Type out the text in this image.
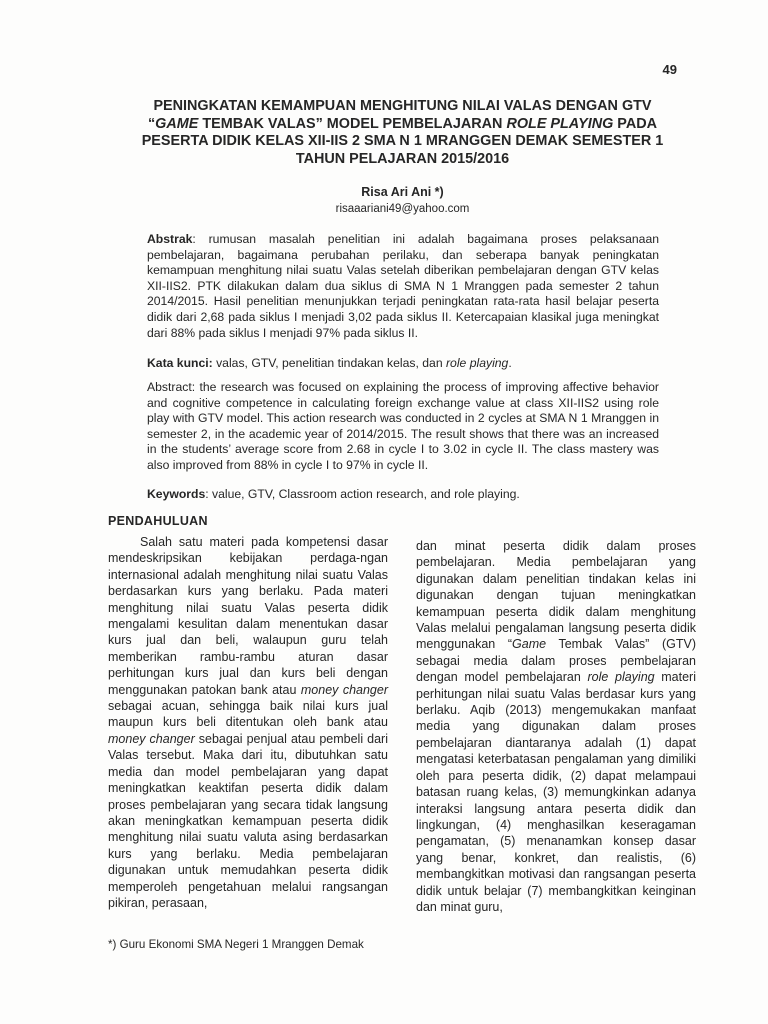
49
PENINGKATAN KEMAMPUAN MENGHITUNG NILAI VALAS DENGAN GTV “GAME TEMBAK VALAS” MODEL PEMBELAJARAN ROLE PLAYING PADA PESERTA DIDIK KELAS XII-IIS 2 SMA N 1 MRANGGEN DEMAK SEMESTER 1 TAHUN PELAJARAN 2015/2016
Risa Ari Ani *)
risaaariani49@yahoo.com

Abstrak: rumusan masalah penelitian ini adalah bagaimana proses pelaksanaan pembelajaran, bagaimana perubahan perilaku, dan seberapa banyak peningkatan kemampuan menghitung nilai suatu Valas setelah diberikan pembelajaran dengan GTV kelas XII-IIS2. PTK dilakukan dalam dua siklus di SMA N 1 Mranggen pada semester 2 tahun 2014/2015. Hasil penelitian menunjukkan terjadi peningkatan rata-rata hasil belajar peserta didik dari 2,68 pada siklus I menjadi 3,02 pada siklus II. Ketercapaian klasikal juga meningkat dari 88% pada siklus I menjadi 97% pada siklus II.

Kata kunci: valas, GTV, penelitian tindakan kelas, dan role playing.

Abstract: the research was focused on explaining the process of improving affective behavior and cognitive competence in calculating foreign exchange value at class XII-IIS2 using role play with GTV model. This action research was conducted in 2 cycles at SMA N 1 Mranggen in semester 2, in the academic year of 2014/2015. The result shows that there was an increased in the students’ average score from 2.68 in cycle I to 3.02 in cycle II. The class mastery was also improved from 88% in cycle I to 97% in cycle II.

Keywords: value, GTV, Classroom action research, and role playing.

PENDAHULUAN

Salah satu materi pada kompetensi dasar mendeskripsikan kebijakan perdaga-ngan internasional adalah menghitung nilai suatu Valas berdasarkan kurs yang berlaku. Pada materi menghitung nilai suatu Valas peserta didik mengalami kesulitan dalam menentukan dasar kurs jual dan beli, walaupun guru telah memberikan rambu-rambu aturan dasar perhitungan kurs jual dan kurs beli dengan menggunakan patokan bank atau money changer sebagai acuan, sehingga baik nilai kurs jual maupun kurs beli ditentukan oleh bank atau money changer sebagai penjual atau pembeli dari Valas tersebut. Maka dari itu, dibutuhkan satu media dan model pembelajaran yang dapat meningkatkan keaktifan peserta didik dalam proses pembelajaran yang secara tidak langsung akan meningkatkan kemampuan peserta didik menghitung nilai suatu valuta asing berdasarkan kurs yang berlaku. Media pembelajaran digunakan untuk memudahkan peserta didik memperoleh pengetahuan melalui rangsangan pikiran, perasaan,

dan minat peserta didik dalam proses pembelajaran. Media pembelajaran yang digunakan dalam penelitian tindakan kelas ini digunakan dengan tujuan meningkatkan kemampuan peserta didik dalam menghitung Valas melalui pengalaman langsung peserta didik menggunakan “Game Tembak Valas” (GTV) sebagai media dalam proses pembelajaran dengan model pembelajaran role playing materi perhitungan nilai suatu Valas berdasar kurs yang berlaku. Aqib (2013) mengemukakan manfaat media yang digunakan dalam proses pembelajaran diantaranya adalah (1) dapat mengatasi keterbatasan pengalaman yang dimiliki oleh para peserta didik, (2) dapat melampaui batasan ruang kelas, (3) memungkinkan adanya interaksi langsung antara peserta didik dan lingkungan, (4) menghasilkan keseragaman pengamatan, (5) menanamkan konsep dasar yang benar, konkret, dan realistis, (6) membangkitkan motivasi dan rangsangan peserta didik untuk belajar (7) membangkitkan keinginan dan minat guru,

*) Guru Ekonomi SMA Negeri 1 Mranggen Demak
